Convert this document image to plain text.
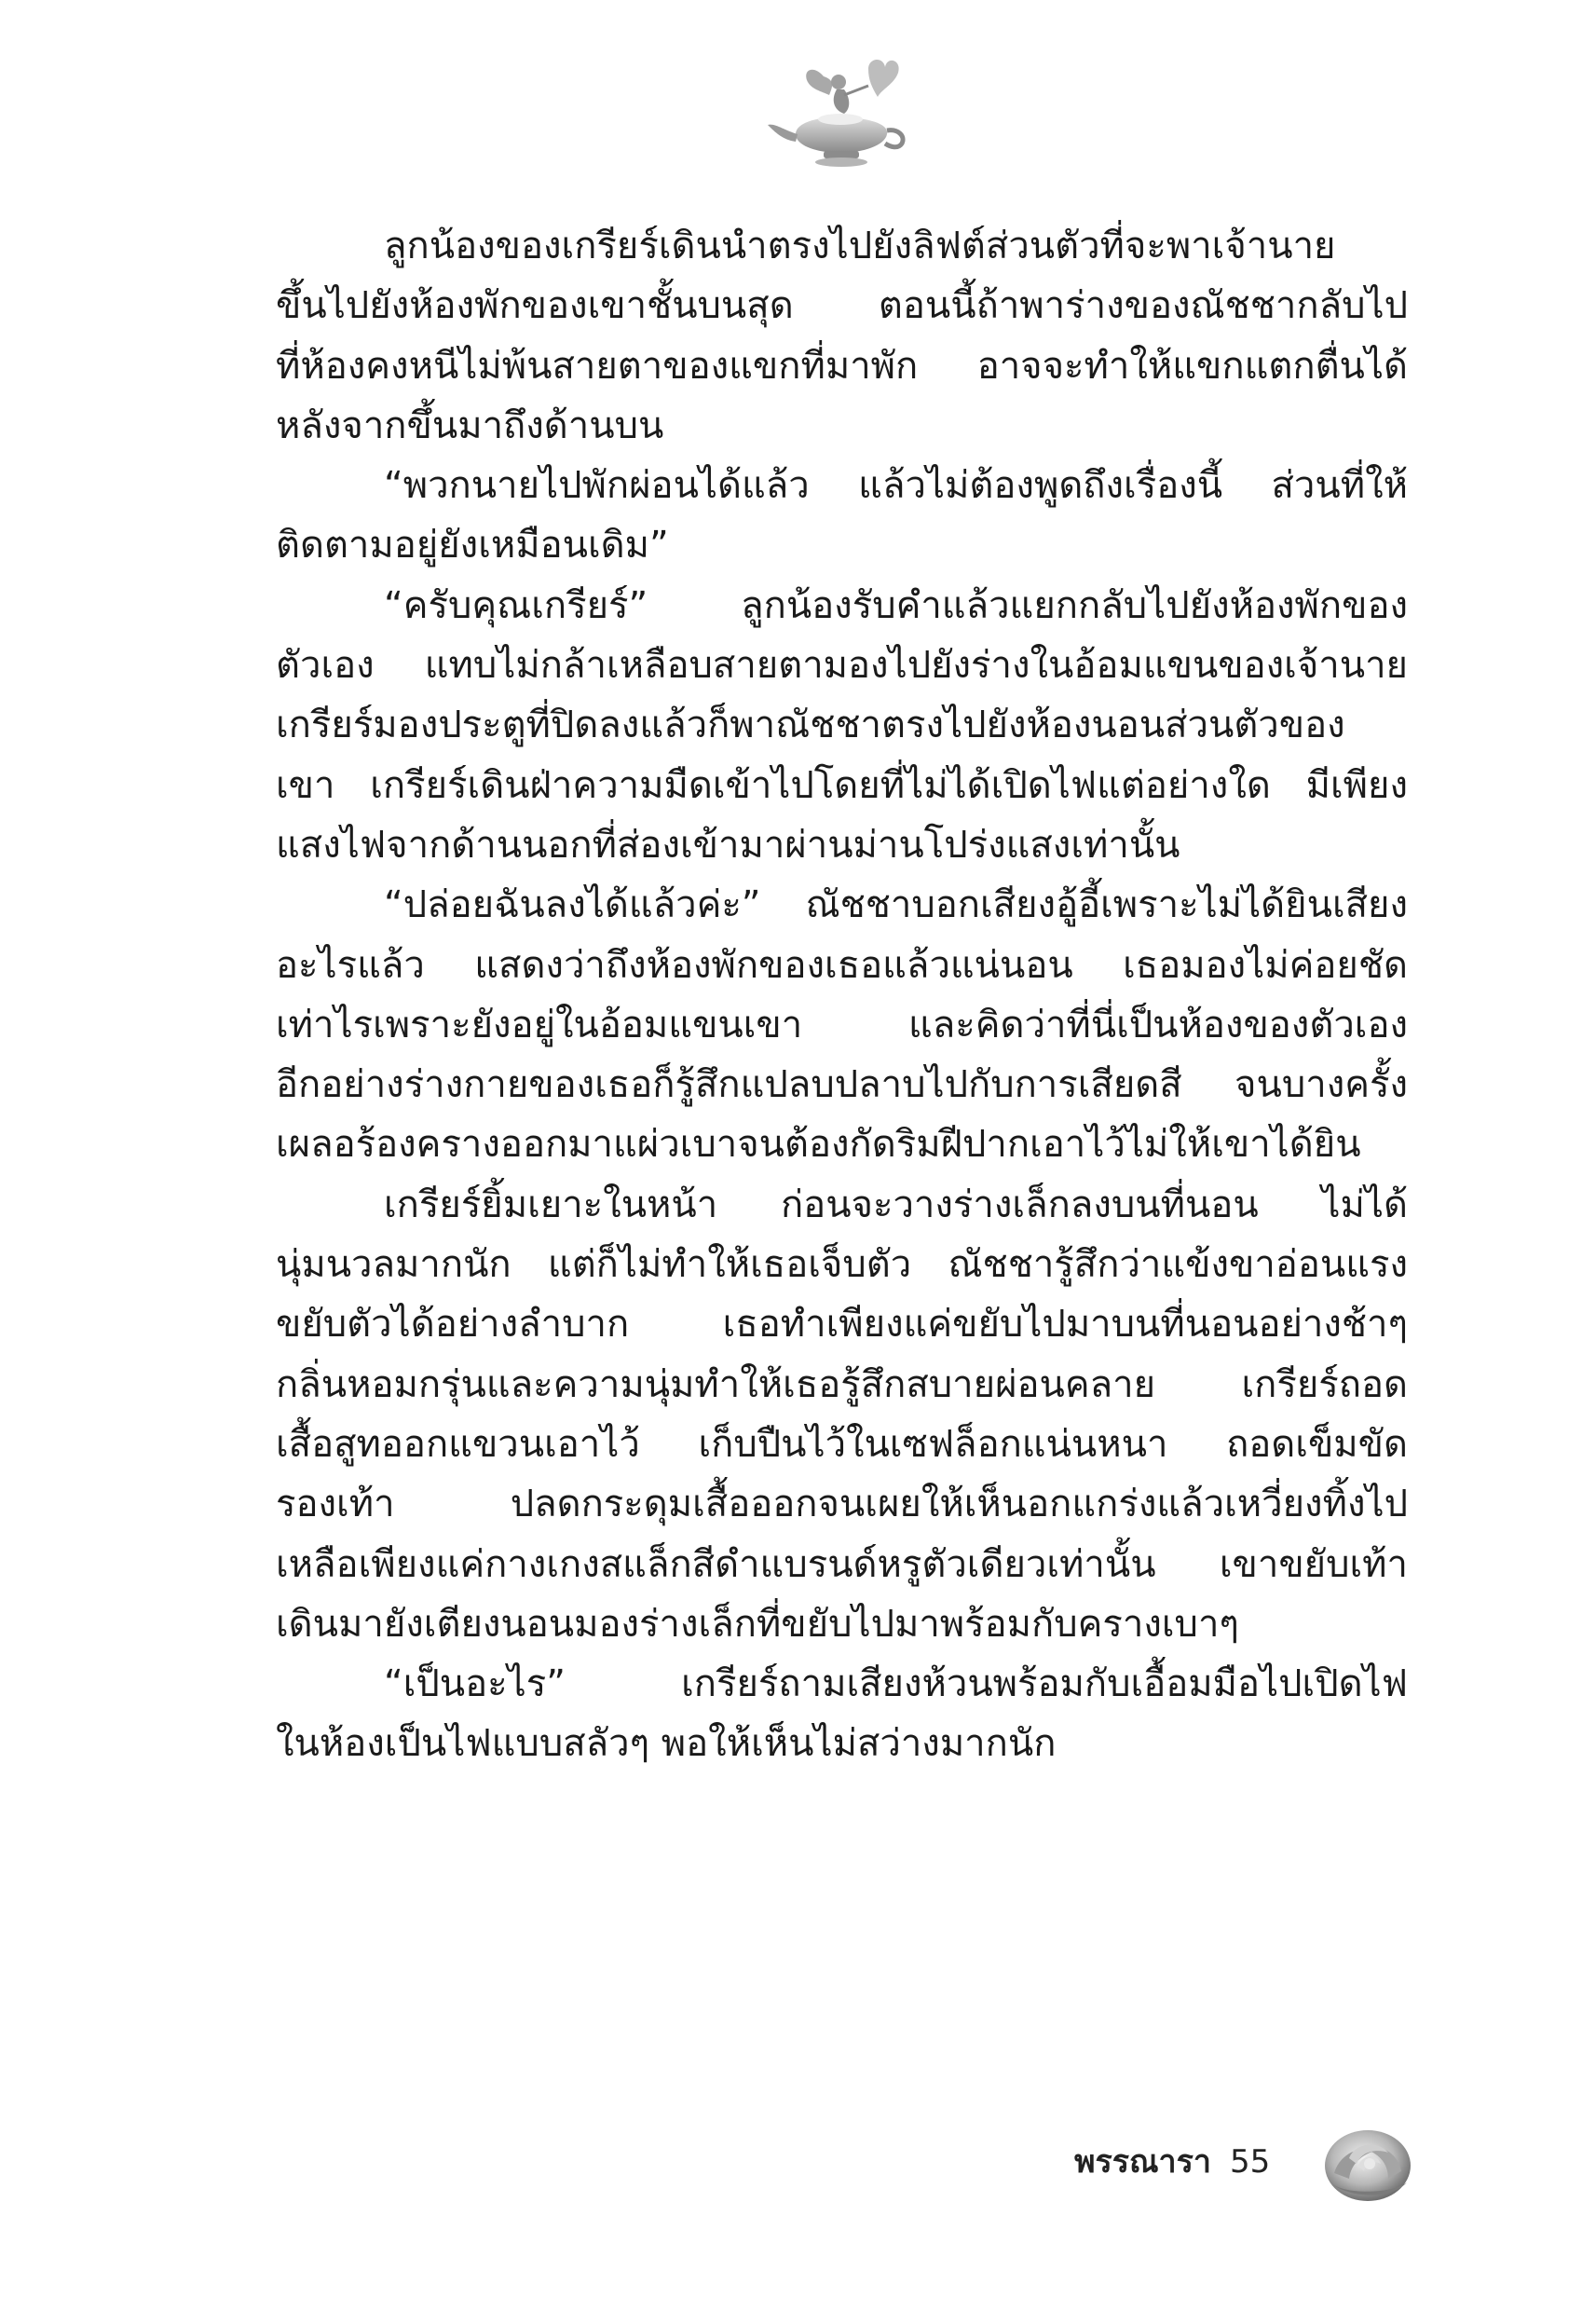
ลูกน้องของเกรียร์เดินนำตรงไปยังลิฟต์ส่วนตัวที่จะพาเจ้านาย
ขึ้นไปยังห้องพักของเขาชั้นบนสุด ตอนนี้ถ้าพาร่างของณัชชากลับไป
ที่ห้องคงหนีไม่พ้นสายตาของแขกที่มาพัก อาจจะทำให้แขกแตกตื่นได้
หลังจากขึ้นมาถึงด้านบน
“พวกนายไปพักผ่อนได้แล้ว แล้วไม่ต้องพูดถึงเรื่องนี้ ส่วนที่ให้
ติดตามอยู่ยังเหมือนเดิม”
“ครับคุณเกรียร์” ลูกน้องรับคำแล้วแยกกลับไปยังห้องพักของ
ตัวเอง แทบไม่กล้าเหลือบสายตามองไปยังร่างในอ้อมแขนของเจ้านาย
เกรียร์มองประตูที่ปิดลงแล้วก็พาณัชชาตรงไปยังห้องนอนส่วนตัวของ
เขา เกรียร์เดินฝ่าความมืดเข้าไปโดยที่ไม่ได้เปิดไฟแต่อย่างใด มีเพียง
แสงไฟจากด้านนอกที่ส่องเข้ามาผ่านม่านโปร่งแสงเท่านั้น
“ปล่อยฉันลงได้แล้วค่ะ” ณัชชาบอกเสียงอู้อี้เพราะไม่ได้ยินเสียง
อะไรแล้ว แสดงว่าถึงห้องพักของเธอแล้วแน่นอน เธอมองไม่ค่อยชัด
เท่าไรเพราะยังอยู่ในอ้อมแขนเขา และคิดว่าที่นี่เป็นห้องของตัวเอง
อีกอย่างร่างกายของเธอก็รู้สึกแปลบปลาบไปกับการเสียดสี จนบางครั้ง
เผลอร้องครางออกมาแผ่วเบาจนต้องกัดริมฝีปากเอาไว้ไม่ให้เขาได้ยิน
เกรียร์ยิ้มเยาะในหน้า ก่อนจะวางร่างเล็กลงบนที่นอน ไม่ได้
นุ่มนวลมากนัก แต่ก็ไม่ทำให้เธอเจ็บตัว ณัชชารู้สึกว่าแข้งขาอ่อนแรง
ขยับตัวได้อย่างลำบาก เธอทำเพียงแค่ขยับไปมาบนที่นอนอย่างช้าๆ
กลิ่นหอมกรุ่นและความนุ่มทำให้เธอรู้สึกสบายผ่อนคลาย เกรียร์ถอด
เสื้อสูทออกแขวนเอาไว้ เก็บปืนไว้ในเซฟล็อกแน่นหนา ถอดเข็มขัด
รองเท้า ปลดกระดุมเสื้อออกจนเผยให้เห็นอกแกร่งแล้วเหวี่ยงทิ้งไป
เหลือเพียงแค่กางเกงสแล็กสีดำแบรนด์หรูตัวเดียวเท่านั้น เขาขยับเท้า
เดินมายังเตียงนอนมองร่างเล็กที่ขยับไปมาพร้อมกับครางเบาๆ
“เป็นอะไร” เกรียร์ถามเสียงห้วนพร้อมกับเอื้อมมือไปเปิดไฟ
ในห้องเป็นไฟแบบสลัวๆ พอให้เห็นไม่สว่างมากนัก
พรรณารา 55
